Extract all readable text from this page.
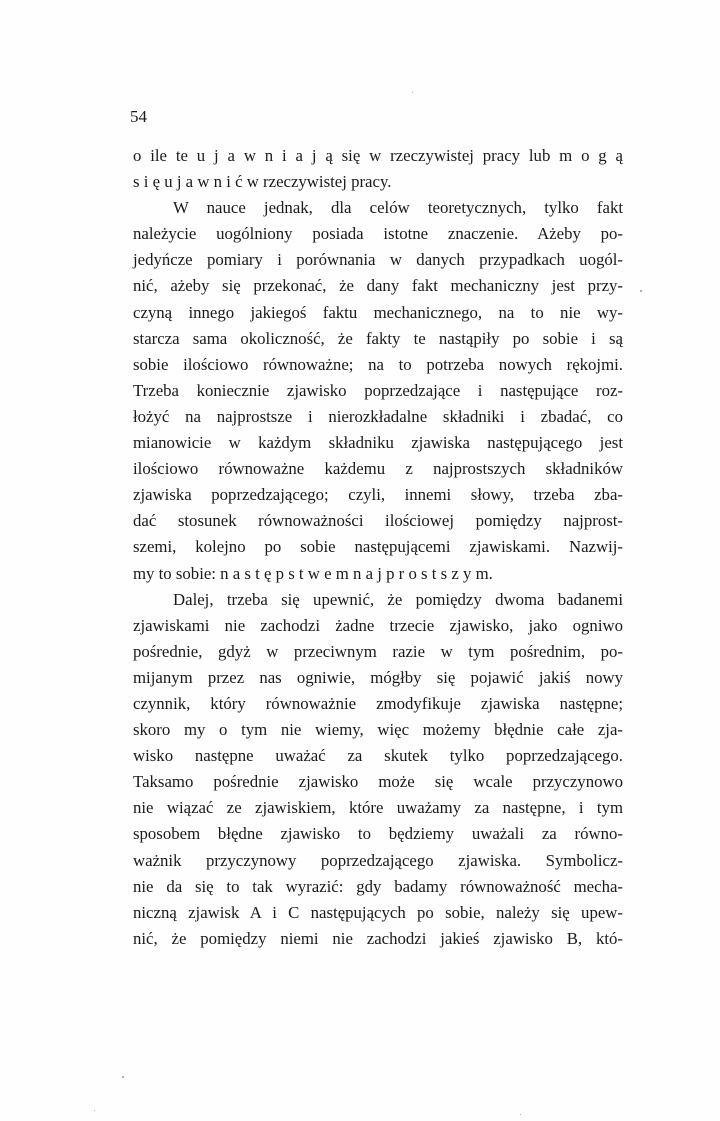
54
o ile te u j a w n i a j ą się w rzeczywistej pracy lub m o g ą
s i ę u j a w n i ć w rzeczywistej pracy.
W nauce jednak, dla celów teoretycznych, tylko fakt
należycie uogólniony posiada istotne znaczenie. Ażeby po-
jedyńcze pomiary i porównania w danych przypadkach uogól-
nić, ażeby się przekonać, że dany fakt mechaniczny jest przy-
czyną innego jakiegoś faktu mechanicznego, na to nie wy-
starcza sama okoliczność, że fakty te nastąpiły po sobie i są
sobie ilościowo równoważne; na to potrzeba nowych rękojmi.
Trzeba koniecznie zjawisko poprzedzające i następujące roz-
łożyć na najprostsze i nierozkładalne składniki i zbadać, co
mianowicie w każdym składniku zjawiska następującego jest
ilościowo równoważne każdemu z najprostszych składników
zjawiska poprzedzającego; czyli, innemi słowy, trzeba zba-
dać stosunek równoważności ilościowej pomiędzy najprost-
szemi, kolejno po sobie następującemi zjawiskami. Nazwij-
my to sobie: n a s t ę p s t w e m n a j p r o s t s z y m.
Dalej, trzeba się upewnić, że pomiędzy dwoma badanemi
zjawiskami nie zachodzi żadne trzecie zjawisko, jako ogniwo
pośrednie, gdyż w przeciwnym razie w tym pośrednim, po-
mijanym przez nas ogniwie, mógłby się pojawić jakiś nowy
czynnik, który równoważnie zmodyfikuje zjawiska następne;
skoro my o tym nie wiemy, więc możemy błędnie całe zja-
wisko następne uważać za skutek tylko poprzedzającego.
Taksamo pośrednie zjawisko może się wcale przyczynowo
nie wiązać ze zjawiskiem, które uważamy za następne, i tym
sposobem błędne zjawisko to będziemy uważali za równo-
ważnik przyczynowy poprzedzającego zjawiska. Symbolicz-
nie da się to tak wyrazić: gdy badamy równoważność mecha-
niczną zjawisk A i C następujących po sobie, należy się upew-
nić, że pomiędzy niemi nie zachodzi jakieś zjawisko B, któ-
